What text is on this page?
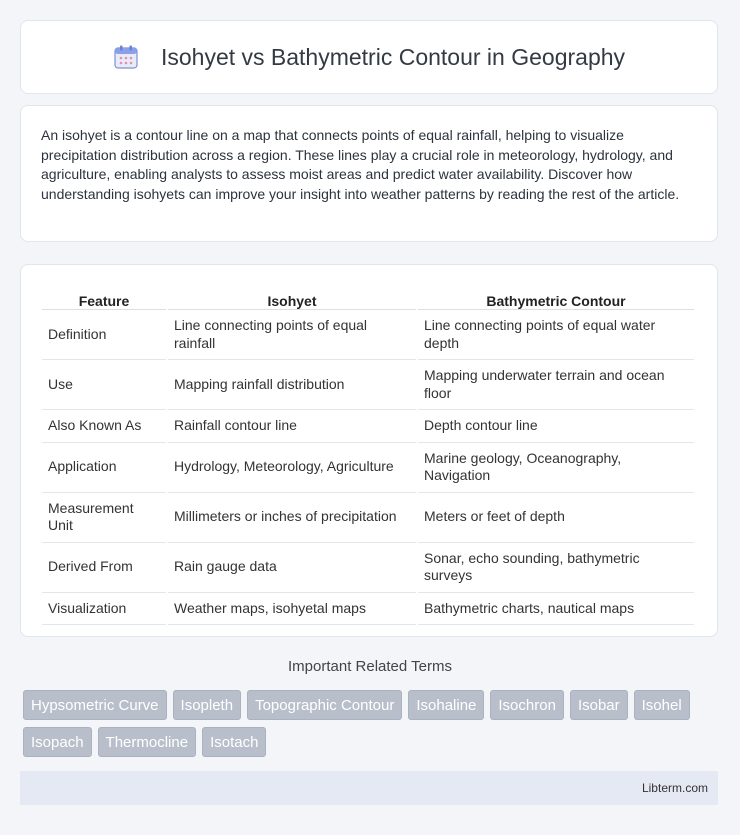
Isohyet vs Bathymetric Contour in Geography

An isohyet is a contour line on a map that connects points of equal rainfall, helping to visualize precipitation distribution across a region. These lines play a crucial role in meteorology, hydrology, and agriculture, enabling analysts to assess moist areas and predict water availability. Discover how understanding isohyets can improve your insight into weather patterns by reading the rest of the article.

Feature	Isohyet	Bathymetric Contour
Definition	Line connecting points of equal rainfall	Line connecting points of equal water depth
Use	Mapping rainfall distribution	Mapping underwater terrain and ocean floor
Also Known As	Rainfall contour line	Depth contour line
Application	Hydrology, Meteorology, Agriculture	Marine geology, Oceanography, Navigation
Measurement Unit	Millimeters or inches of precipitation	Meters or feet of depth
Derived From	Rain gauge data	Sonar, echo sounding, bathymetric surveys
Visualization	Weather maps, isohyetal maps	Bathymetric charts, nautical maps
Important Related Terms
Hypsometric Curve	Isopleth	Topographic Contour	Isohaline	Isochron	Isobar	Isohel
Isopach	Thermocline	Isotach
Libterm.com
